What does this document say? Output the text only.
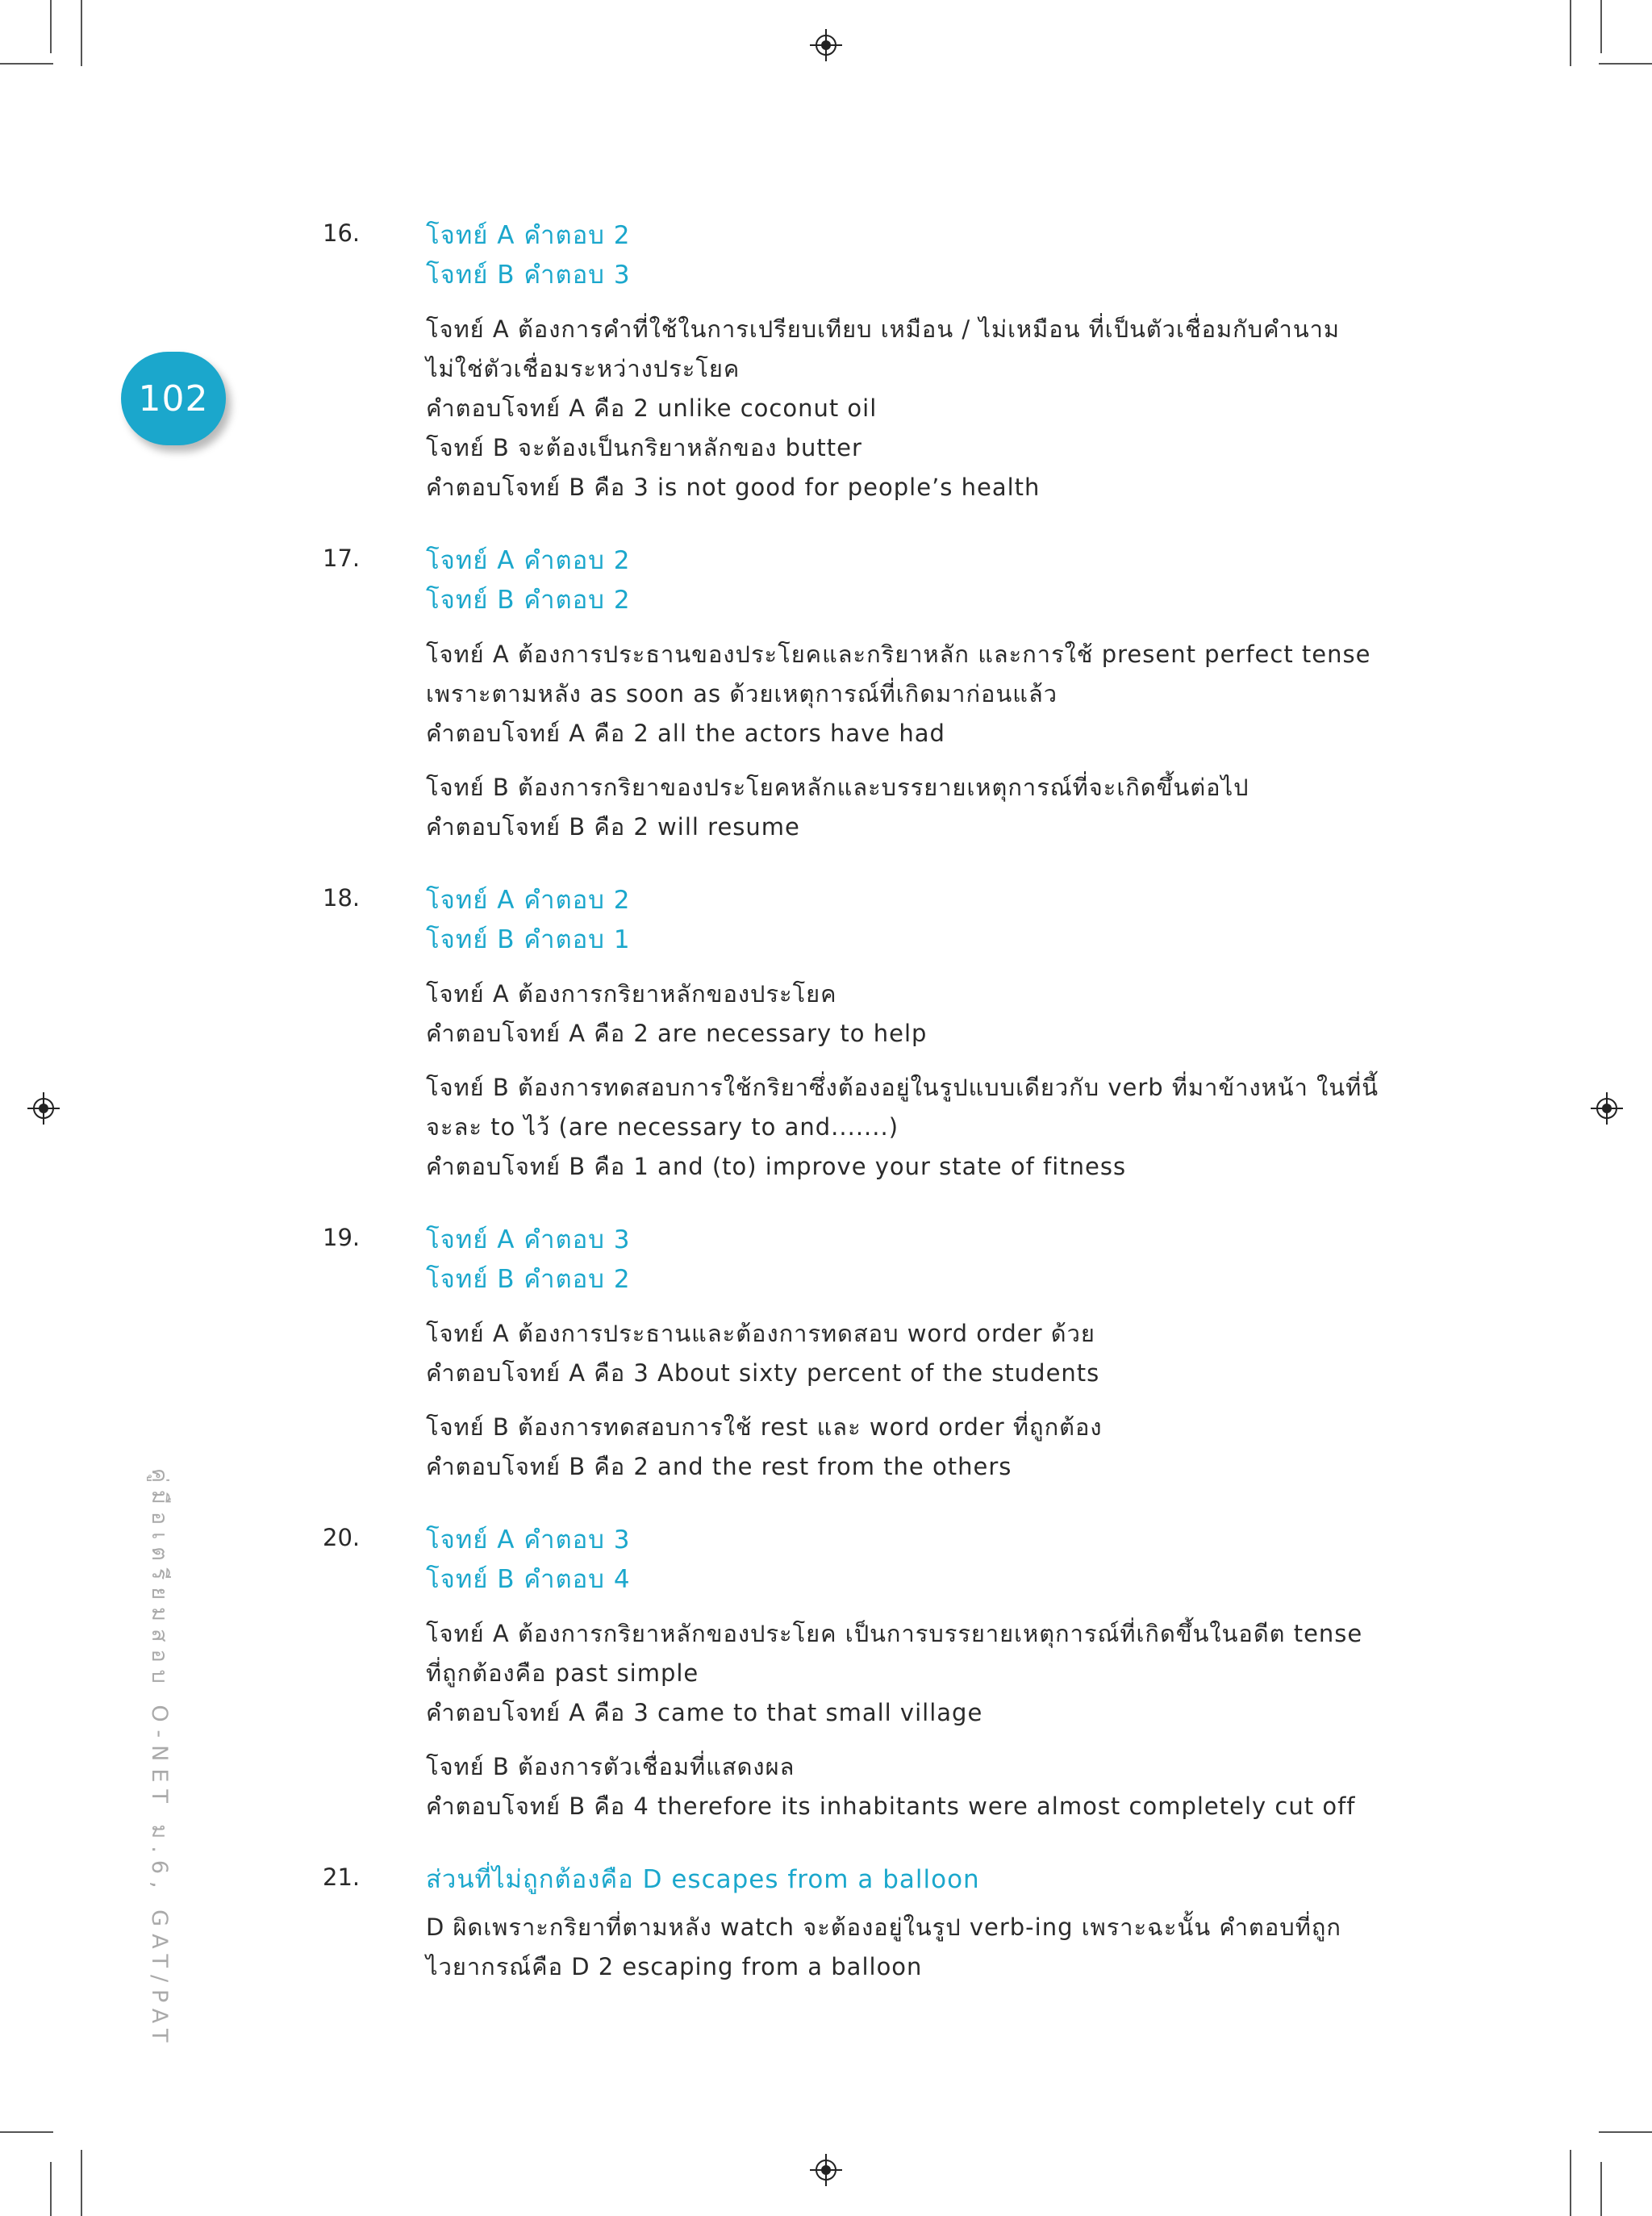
102
คู่มือเตรียมสอบ O-NET ม.6, GAT/PAT
16.	โจทย์ A คำตอบ 2
โจทย์ B คำตอบ 3
โจทย์ A ต้องการคำที่ใช้ในการเปรียบเทียบ เหมือน / ไม่เหมือน ที่เป็นตัวเชื่อมกับคำนาม
ไม่ใช่ตัวเชื่อมระหว่างประโยค
คำตอบโจทย์ A คือ 2 unlike coconut oil
โจทย์ B จะต้องเป็นกริยาหลักของ butter
คำตอบโจทย์ B คือ 3 is not good for people’s health
17.	โจทย์ A คำตอบ 2
โจทย์ B คำตอบ 2
โจทย์ A ต้องการประธานของประโยคและกริยาหลัก และการใช้ present perfect tense
เพราะตามหลัง as soon as ด้วยเหตุการณ์ที่เกิดมาก่อนแล้ว
คำตอบโจทย์ A คือ 2 all the actors have had
โจทย์ B ต้องการกริยาของประโยคหลักและบรรยายเหตุการณ์ที่จะเกิดขึ้นต่อไป
คำตอบโจทย์ B คือ 2 will resume
18.	โจทย์ A คำตอบ 2
โจทย์ B คำตอบ 1
โจทย์ A ต้องการกริยาหลักของประโยค
คำตอบโจทย์ A คือ 2 are necessary to help
โจทย์ B ต้องการทดสอบการใช้กริยาซึ่งต้องอยู่ในรูปแบบเดียวกับ verb ที่มาข้างหน้า ในที่นี้
จะละ to ไว้ (are necessary to and.......)
คำตอบโจทย์ B คือ 1 and (to) improve your state of fitness
19.	โจทย์ A คำตอบ 3
โจทย์ B คำตอบ 2
โจทย์ A ต้องการประธานและต้องการทดสอบ word order ด้วย
คำตอบโจทย์ A คือ 3 About sixty percent of the students
โจทย์ B ต้องการทดสอบการใช้ rest และ word order ที่ถูกต้อง
คำตอบโจทย์ B คือ 2 and the rest from the others
20.	โจทย์ A คำตอบ 3
โจทย์ B คำตอบ 4
โจทย์ A ต้องการกริยาหลักของประโยค เป็นการบรรยายเหตุการณ์ที่เกิดขึ้นในอดีต tense
ที่ถูกต้องคือ past simple
คำตอบโจทย์ A คือ 3 came to that small village
โจทย์ B ต้องการตัวเชื่อมที่แสดงผล
คำตอบโจทย์ B คือ 4 therefore its inhabitants were almost completely cut off
21.	ส่วนที่ไม่ถูกต้องคือ D escapes from a balloon
D ผิดเพราะกริยาที่ตามหลัง watch จะต้องอยู่ในรูป verb-ing เพราะฉะนั้น คำตอบที่ถูก
ไวยากรณ์คือ D 2 escaping from a balloon
